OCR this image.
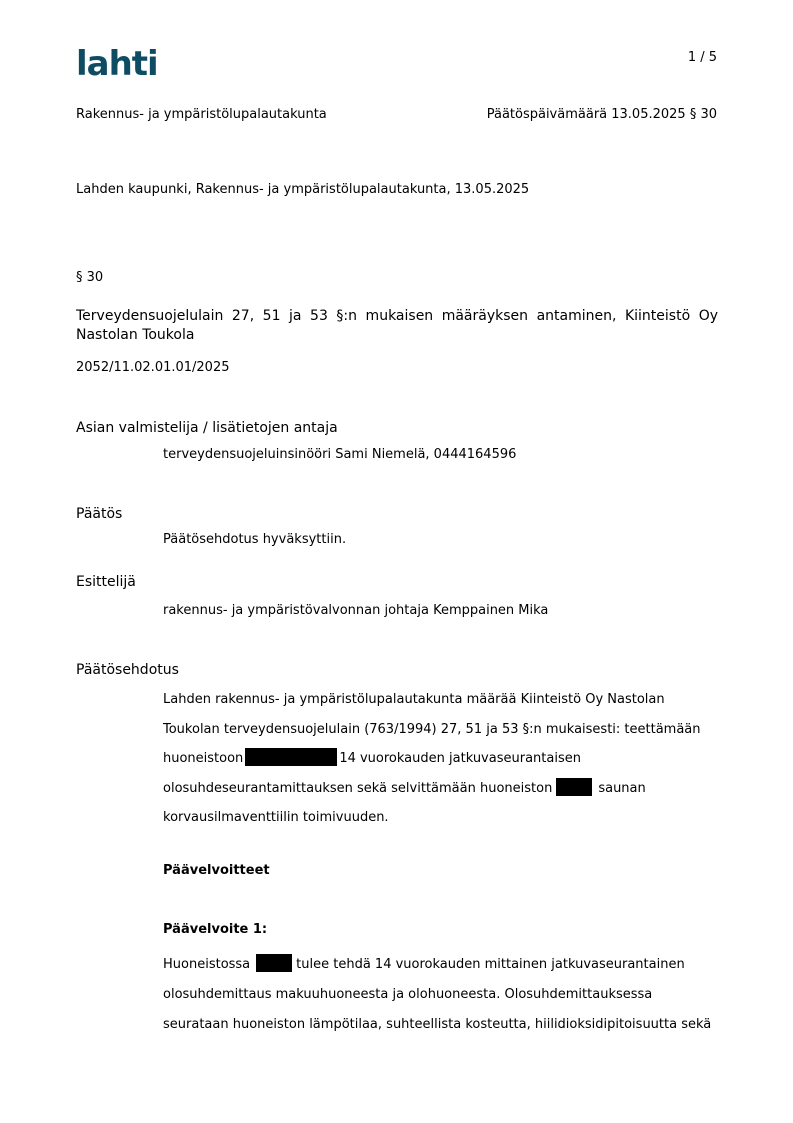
lahti	1 / 5
Rakennus- ja ympäristölupalautakunta	Päätöspäivämäärä 13.05.2025 § 30
Lahden kaupunki, Rakennus- ja ympäristölupalautakunta, 13.05.2025
§ 30
Terveydensuojelulain 27, 51 ja 53 §:n mukaisen määräyksen antaminen, Kiinteistö Oy Nastolan Toukola
2052/11.02.01.01/2025
Asian valmistelija / lisätietojen antaja
terveydensuojeluinsinööri Sami Niemelä, 0444164596
Päätös
Päätösehdotus hyväksyttiin.
Esittelijä
rakennus- ja ympäristövalvonnan johtaja Kemppainen Mika
Päätösehdotus
Lahden rakennus- ja ympäristölupalautakunta määrää Kiinteistö Oy Nastolan
Toukolan terveydensuojelulain (763/1994) 27, 51 ja 53 §:n mukaisesti: teettämään
huoneistoon	14 vuorokauden jatkuvaseurantaisen
olosuhdeseurantamittauksen sekä selvittämään huoneiston	saunan
korvausilmaventtiilin toimivuuden.
Päävelvoitteet
Päävelvoite 1:
Huoneistossa	tulee tehdä 14 vuorokauden mittainen jatkuvaseurantainen
olosuhdemittaus makuuhuoneesta ja olohuoneesta. Olosuhdemittauksessa
seurataan huoneiston lämpötilaa, suhteellista kosteutta, hiilidioksidipitoisuutta sekä
